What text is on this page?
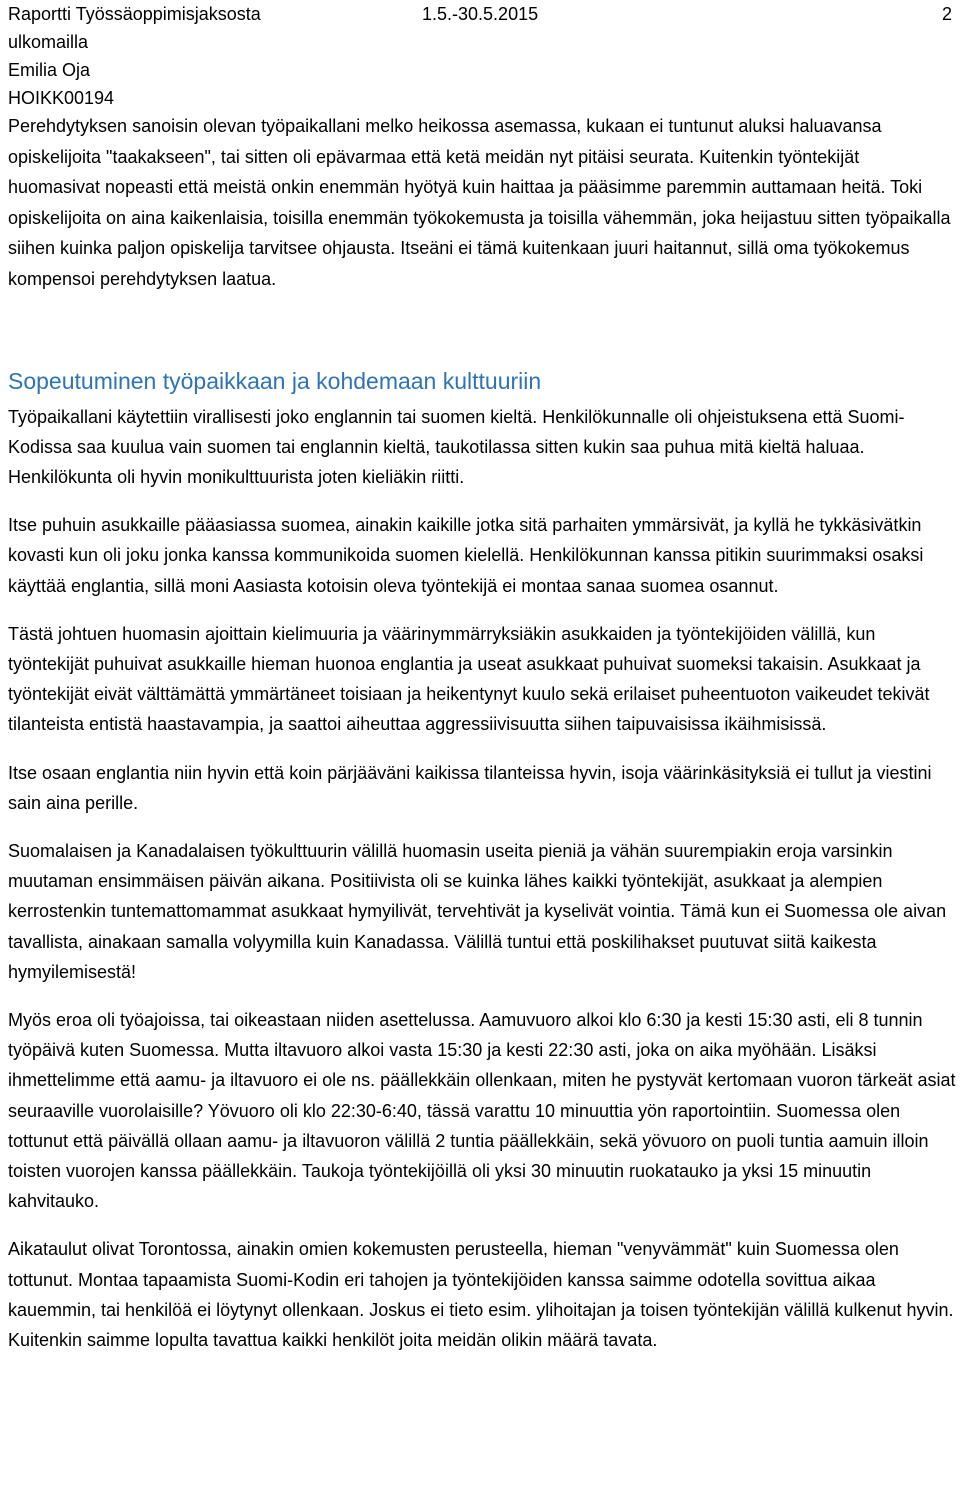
Raportti Työssäoppimisjaksosta	1.5.-30.5.2015	2
ulkomailla
Emilia Oja
HOIKK00194

Perehdytyksen sanoisin olevan työpaikallani melko heikossa asemassa, kukaan ei tuntunut aluksi haluavansa opiskelijoita "taakakseen", tai sitten oli epävarmaa että ketä meidän nyt pitäisi seurata. Kuitenkin työntekijät huomasivat nopeasti että meistä onkin enemmän hyötyä kuin haittaa ja pääsimme paremmin auttamaan heitä. Toki opiskelijoita on aina kaikenlaisia, toisilla enemmän työkokemusta ja toisilla vähemmän, joka heijastuu sitten työpaikalla siihen kuinka paljon opiskelija tarvitsee ohjausta. Itseäni ei tämä kuitenkaan juuri haitannut, sillä oma työkokemus kompensoi perehdytyksen laatua.

Sopeutuminen työpaikkaan ja kohdemaan kulttuuriin

Työpaikallani käytettiin virallisesti joko englannin tai suomen kieltä. Henkilökunnalle oli ohjeistuksena että Suomi-Kodissa saa kuulua vain suomen tai englannin kieltä, taukotilassa sitten kukin saa puhua mitä kieltä haluaa. Henkilökunta oli hyvin monikulttuurista joten kieliäkin riitti.

Itse puhuin asukkaille pääasiassa suomea, ainakin kaikille jotka sitä parhaiten ymmärsivät, ja kyllä he tykkäsivätkin kovasti kun oli joku jonka kanssa kommunikoida suomen kielellä. Henkilökunnan kanssa pitikin suurimmaksi osaksi käyttää englantia, sillä moni Aasiasta kotoisin oleva työntekijä ei montaa sanaa suomea osannut.

Tästä johtuen huomasin ajoittain kielimuuria ja väärinymmärryksiäkin asukkaiden ja työntekijöiden välillä, kun työntekijät puhuivat asukkaille hieman huonoa englantia ja useat asukkaat puhuivat suomeksi takaisin. Asukkaat ja työntekijät eivät välttämättä ymmärtäneet toisiaan ja heikentynyt kuulo sekä erilaiset puheentuoton vaikeudet tekivät tilanteista entistä haastavampia, ja saattoi aiheuttaa aggressiivisuutta siihen taipuvaisissa ikäihmisissä.

Itse osaan englantia niin hyvin että koin pärjääväni kaikissa tilanteissa hyvin, isoja väärinkäsityksiä ei tullut ja viestini sain aina perille.

Suomalaisen ja Kanadalaisen työkulttuurin välillä huomasin useita pieniä ja vähän suurempiakin eroja varsinkin muutaman ensimmäisen päivän aikana. Positiivista oli se kuinka lähes kaikki työntekijät, asukkaat ja alempien kerrostenkin tuntemattomammat asukkaat hymyilivät, tervehtivät ja kyselivät vointia. Tämä kun ei Suomessa ole aivan tavallista, ainakaan samalla volyymilla kuin Kanadassa. Välillä tuntui että poskilihakset puutuvat siitä kaikesta hymyilemisestä!

Myös eroa oli työajoissa, tai oikeastaan niiden asettelussa. Aamuvuoro alkoi klo 6:30 ja kesti 15:30 asti, eli 8 tunnin työpäivä kuten Suomessa. Mutta iltavuoro alkoi vasta 15:30 ja kesti 22:30 asti, joka on aika myöhään. Lisäksi ihmettelimme että aamu- ja iltavuoro ei ole ns. päällekkäin ollenkaan, miten he pystyvät kertomaan vuoron tärkeät asiat seuraaville vuorolaisille? Yövuoro oli klo 22:30-6:40, tässä varattu 10 minuuttia yön raportointiin. Suomessa olen tottunut että päivällä ollaan aamu- ja iltavuoron välillä 2 tuntia päällekkäin, sekä yövuoro on puoli tuntia aamuin illoin toisten vuorojen kanssa päällekkäin. Taukoja työntekijöillä oli yksi 30 minuutin ruokatauko ja yksi 15 minuutin kahvitauko.

Aikataulut olivat Torontossa, ainakin omien kokemusten perusteella, hieman "venyvämmät" kuin Suomessa olen tottunut. Montaa tapaamista Suomi-Kodin eri tahojen ja työntekijöiden kanssa saimme odotella sovittua aikaa kauemmin, tai henkilöä ei löytynyt ollenkaan. Joskus ei tieto esim. ylihoitajan ja toisen työntekijän välillä kulkenut hyvin. Kuitenkin saimme lopulta tavattua kaikki henkilöt joita meidän olikin määrä tavata.
